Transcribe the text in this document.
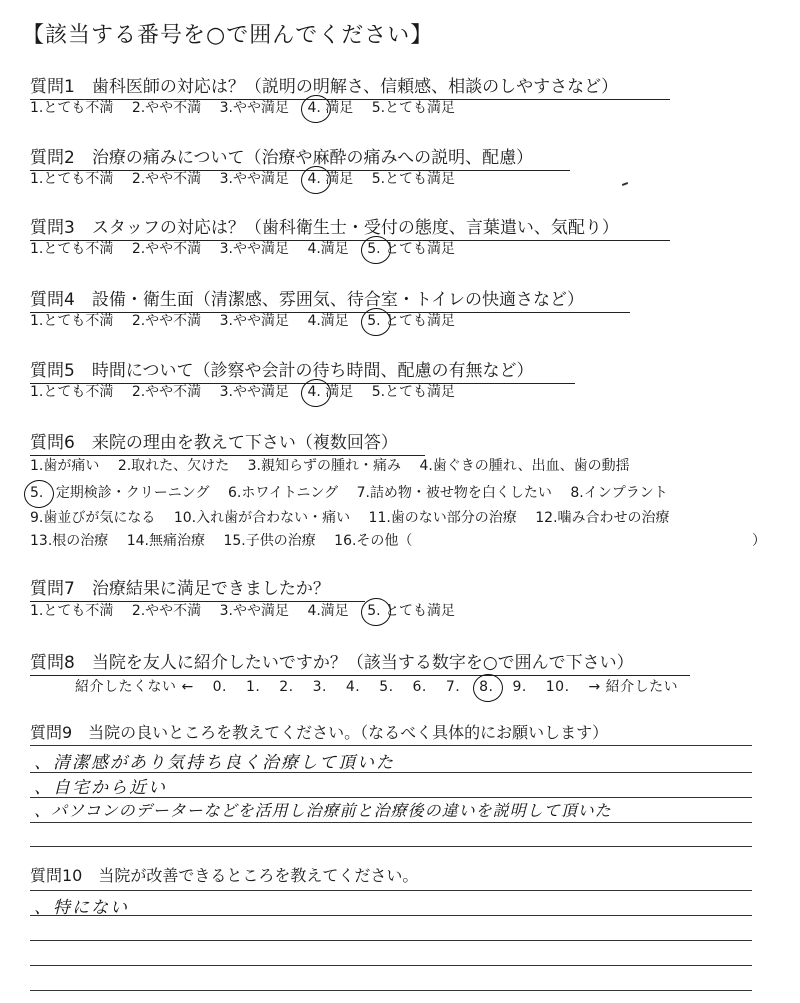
【該当する番号を○で囲んでください】
質問1　歯科医師の対応は？（説明の明解さ、信頼感、相談のしやすさなど）
1.とても不満 2.やや不満 3.やや満足 4. 満足 5.とても満足
質問2　治療の痛みについて（治療や麻酔の痛みへの説明、配慮）
1.とても不満 2.やや不満 3.やや満足 4. 満足 5.とても満足
質問3　スタッフの対応は？（歯科衛生士・受付の態度、言葉遣い、気配り）
1.とても不満 2.やや不満 3.やや満足 4.満足 5. とても満足
質問4　設備・衛生面（清潔感、雰囲気、待合室・トイレの快適さなど）
1.とても不満 2.やや不満 3.やや満足 4.満足 5. とても満足
質問5　時間について（診察や会計の待ち時間、配慮の有無など）
1.とても不満 2.やや不満 3.やや満足 4. 満足 5.とても満足
質問6　来院の理由を教えて下さい（複数回答）
1.歯が痛い 2.取れた、欠けた 3.親知らずの腫れ・痛み 4.歯ぐきの腫れ、出血、歯の動揺
5. 定期検診・クリーニング 6.ホワイトニング 7.詰め物・被せ物を白くしたい 8.インプラント
9.歯並びが気になる 10.入れ歯が合わない・痛い 11.歯のない部分の治療 12.噛み合わせの治療
13.根の治療 14.無痛治療 15.子供の治療 16.その他（	）
質問7　治療結果に満足できましたか？
1.とても不満 2.やや不満 3.やや満足 4.満足 5. とても満足
質問8　当院を友人に紹介したいですか？（該当する数字を○で囲んで下さい）
紹介したくない ← 0. 1. 2. 3. 4. 5. 6. 7. 8. 9. 10. → 紹介したい
質問9　当院の良いところを教えてください。（なるべく具体的にお願いします）
、清潔感があり気持ち良く治療して頂いた
、自宅から近い
、パソコンのデーターなどを活用し治療前と治療後の違いを説明して頂いた
質問10　当院が改善できるところを教えてください。
、特にない
